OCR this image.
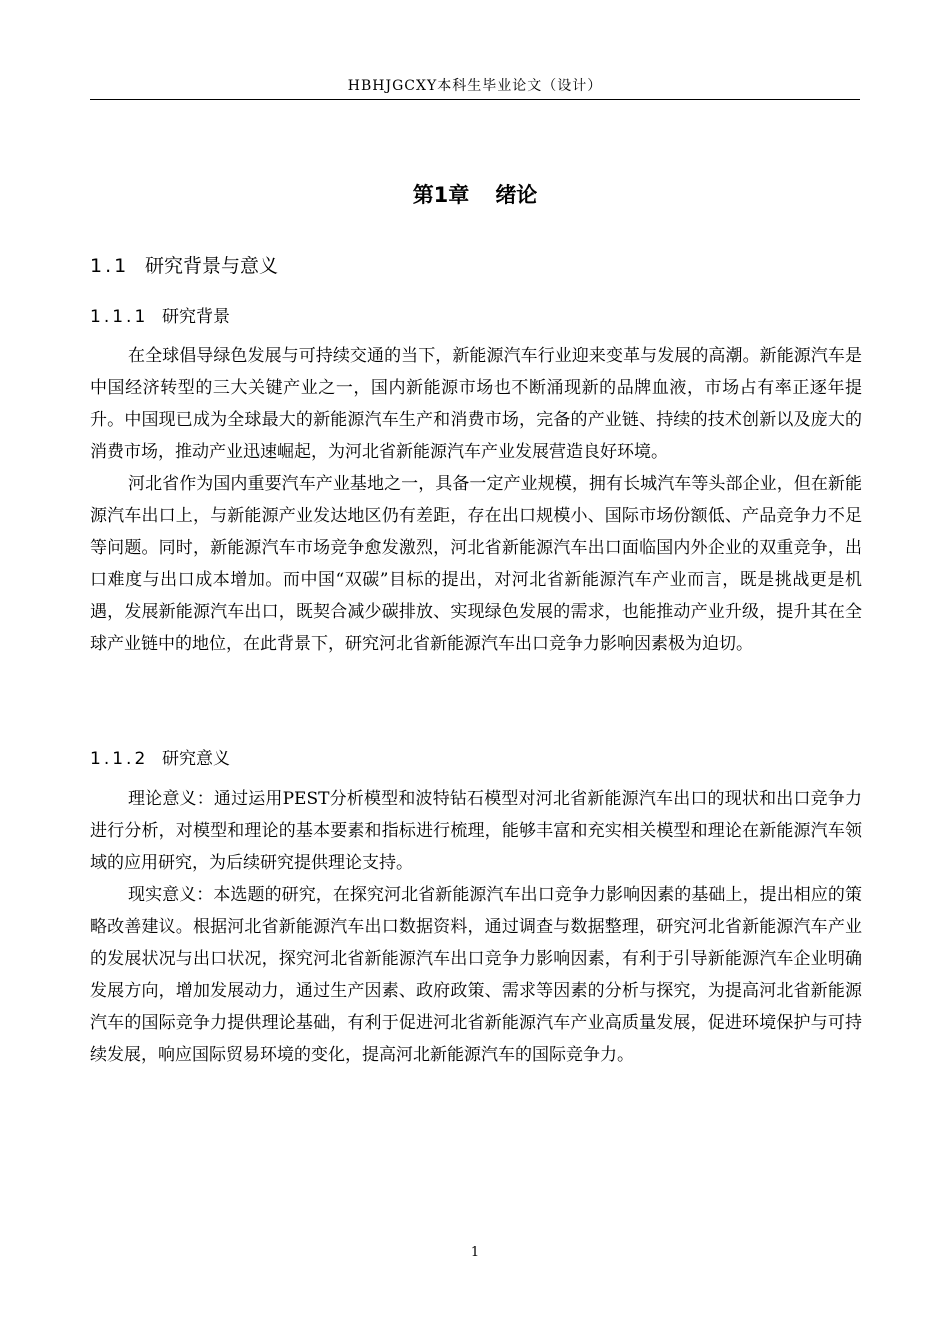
HBHJGCXY本科生毕业论文（设计）
第1章 绪论
1.1 研究背景与意义
1.1.1 研究背景

在全球倡导绿色发展与可持续交通的当下，新能源汽车行业迎来变革与发展的高潮。新能源汽车是中国经济转型的三大关键产业之一，国内新能源市场也不断涌现新的品牌血液，市场占有率正逐年提升。中国现已成为全球最大的新能源汽车生产和消费市场，完备的产业链、持续的技术创新以及庞大的消费市场，推动产业迅速崛起，为河北省新能源汽车产业发展营造良好环境。

河北省作为国内重要汽车产业基地之一，具备一定产业规模，拥有长城汽车等头部企业，但在新能源汽车出口上，与新能源产业发达地区仍有差距，存在出口规模小、国际市场份额低、产品竞争力不足等问题。同时，新能源汽车市场竞争愈发激烈，河北省新能源汽车出口面临国内外企业的双重竞争，出口难度与出口成本增加。而中国“双碳”目标的提出，对河北省新能源汽车产业而言，既是挑战更是机遇，发展新能源汽车出口，既契合减少碳排放、实现绿色发展的需求，也能推动产业升级，提升其在全球产业链中的地位，在此背景下，研究河北省新能源汽车出口竞争力影响因素极为迫切。

1.1.2 研究意义

理论意义：通过运用PEST分析模型和波特钻石模型对河北省新能源汽车出口的现状和出口竞争力进行分析，对模型和理论的基本要素和指标进行梳理，能够丰富和充实相关模型和理论在新能源汽车领域的应用研究，为后续研究提供理论支持。

现实意义：本选题的研究，在探究河北省新能源汽车出口竞争力影响因素的基础上，提出相应的策略改善建议。根据河北省新能源汽车出口数据资料，通过调查与数据整理，研究河北省新能源汽车产业的发展状况与出口状况，探究河北省新能源汽车出口竞争力影响因素，有利于引导新能源汽车企业明确发展方向，增加发展动力，通过生产因素、政府政策、需求等因素的分析与探究，为提高河北省新能源汽车的国际竞争力提供理论基础，有利于促进河北省新能源汽车产业高质量发展，促进环境保护与可持续发展，响应国际贸易环境的变化，提高河北新能源汽车的国际竞争力。

1
